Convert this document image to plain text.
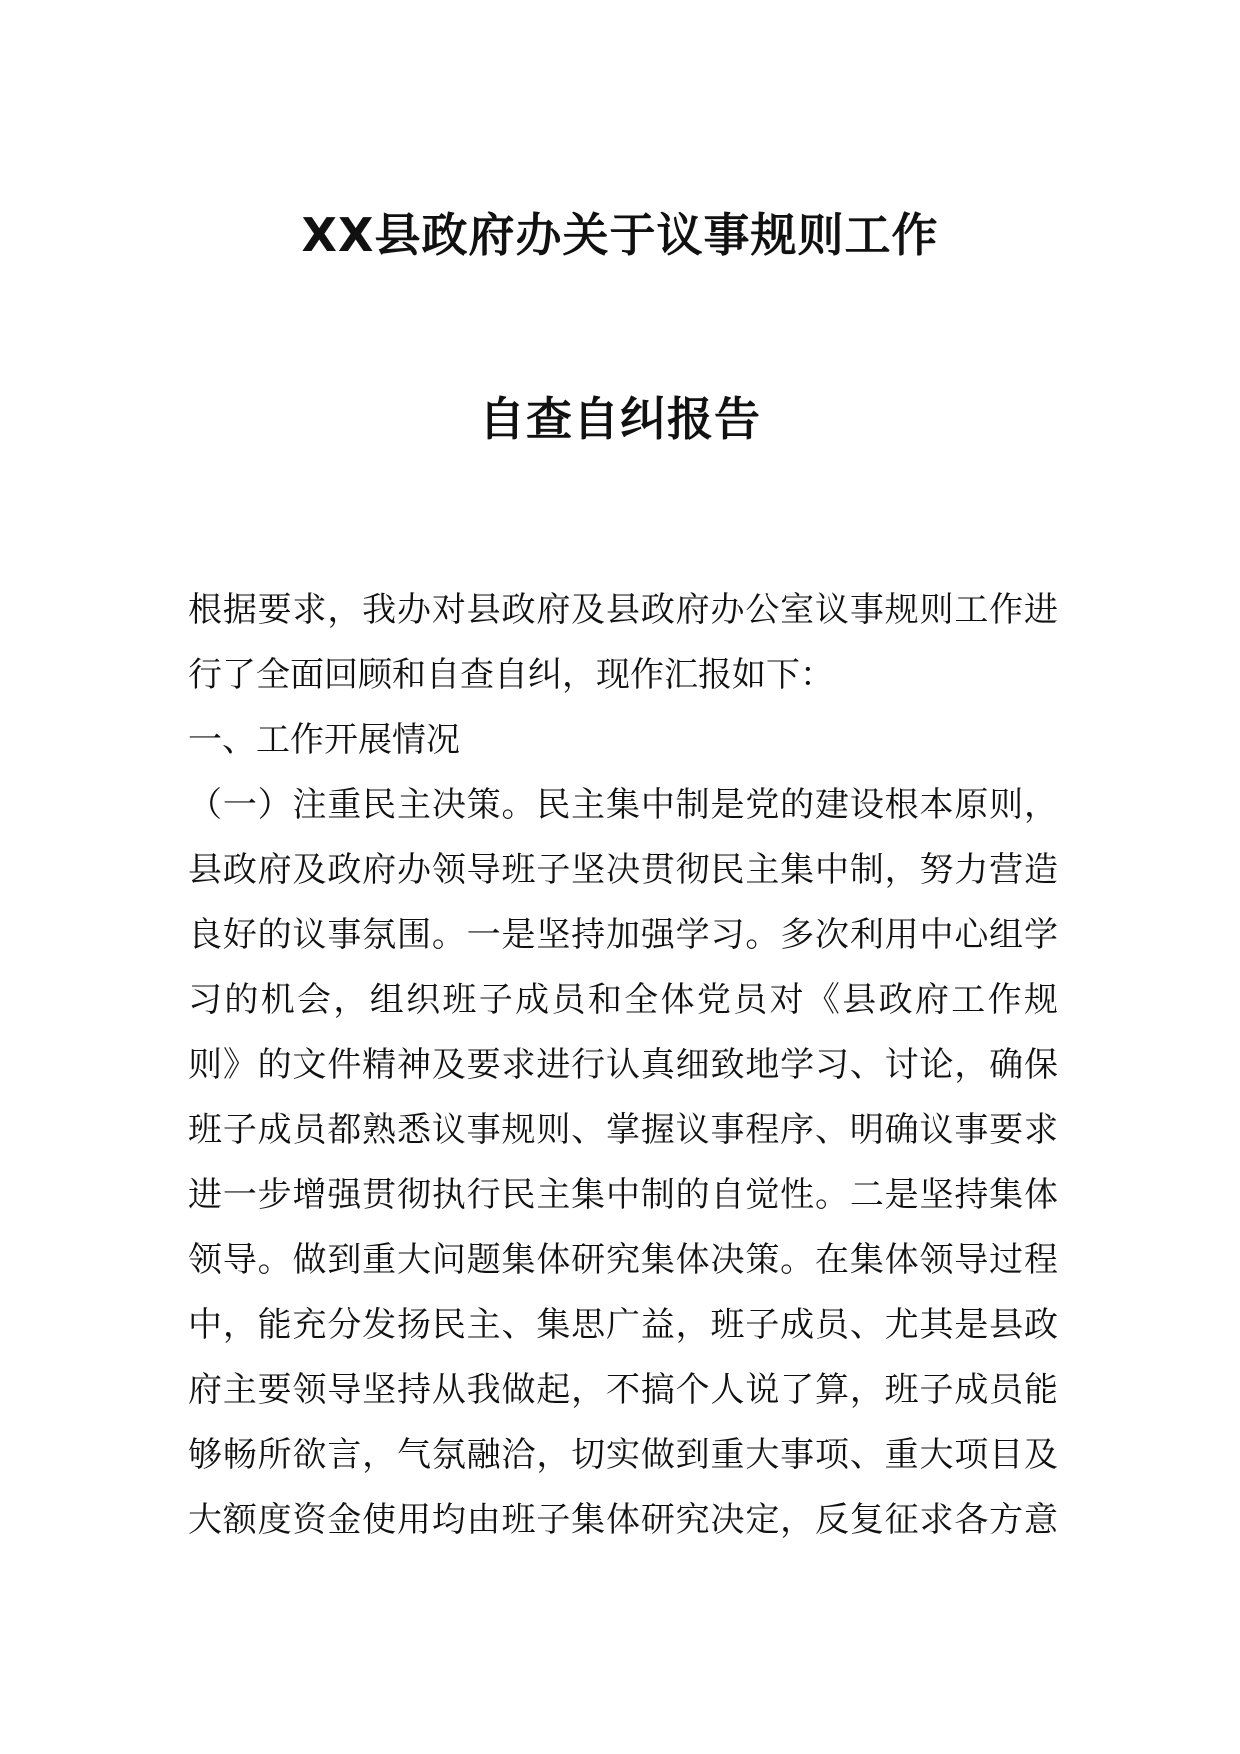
XX县政府办关于议事规则工作
自查自纠报告
根据要求，我办对县政府及县政府办公室议事规则工作进
行了全面回顾和自查自纠，现作汇报如下：
一、工作开展情况
（一）注重民主决策。民主集中制是党的建设根本原则，
县政府及政府办领导班子坚决贯彻民主集中制，努力营造
良好的议事氛围。一是坚持加强学习。多次利用中心组学
习的机会，组织班子成员和全体党员对《县政府工作规
则》的文件精神及要求进行认真细致地学习、讨论，确保
班子成员都熟悉议事规则、掌握议事程序、明确议事要求
进一步增强贯彻执行民主集中制的自觉性。二是坚持集体
领导。做到重大问题集体研究集体决策。在集体领导过程
中，能充分发扬民主、集思广益，班子成员、尤其是县政
府主要领导坚持从我做起，不搞个人说了算，班子成员能
够畅所欲言，气氛融洽，切实做到重大事项、重大项目及
大额度资金使用均由班子集体研究决定，反复征求各方意
